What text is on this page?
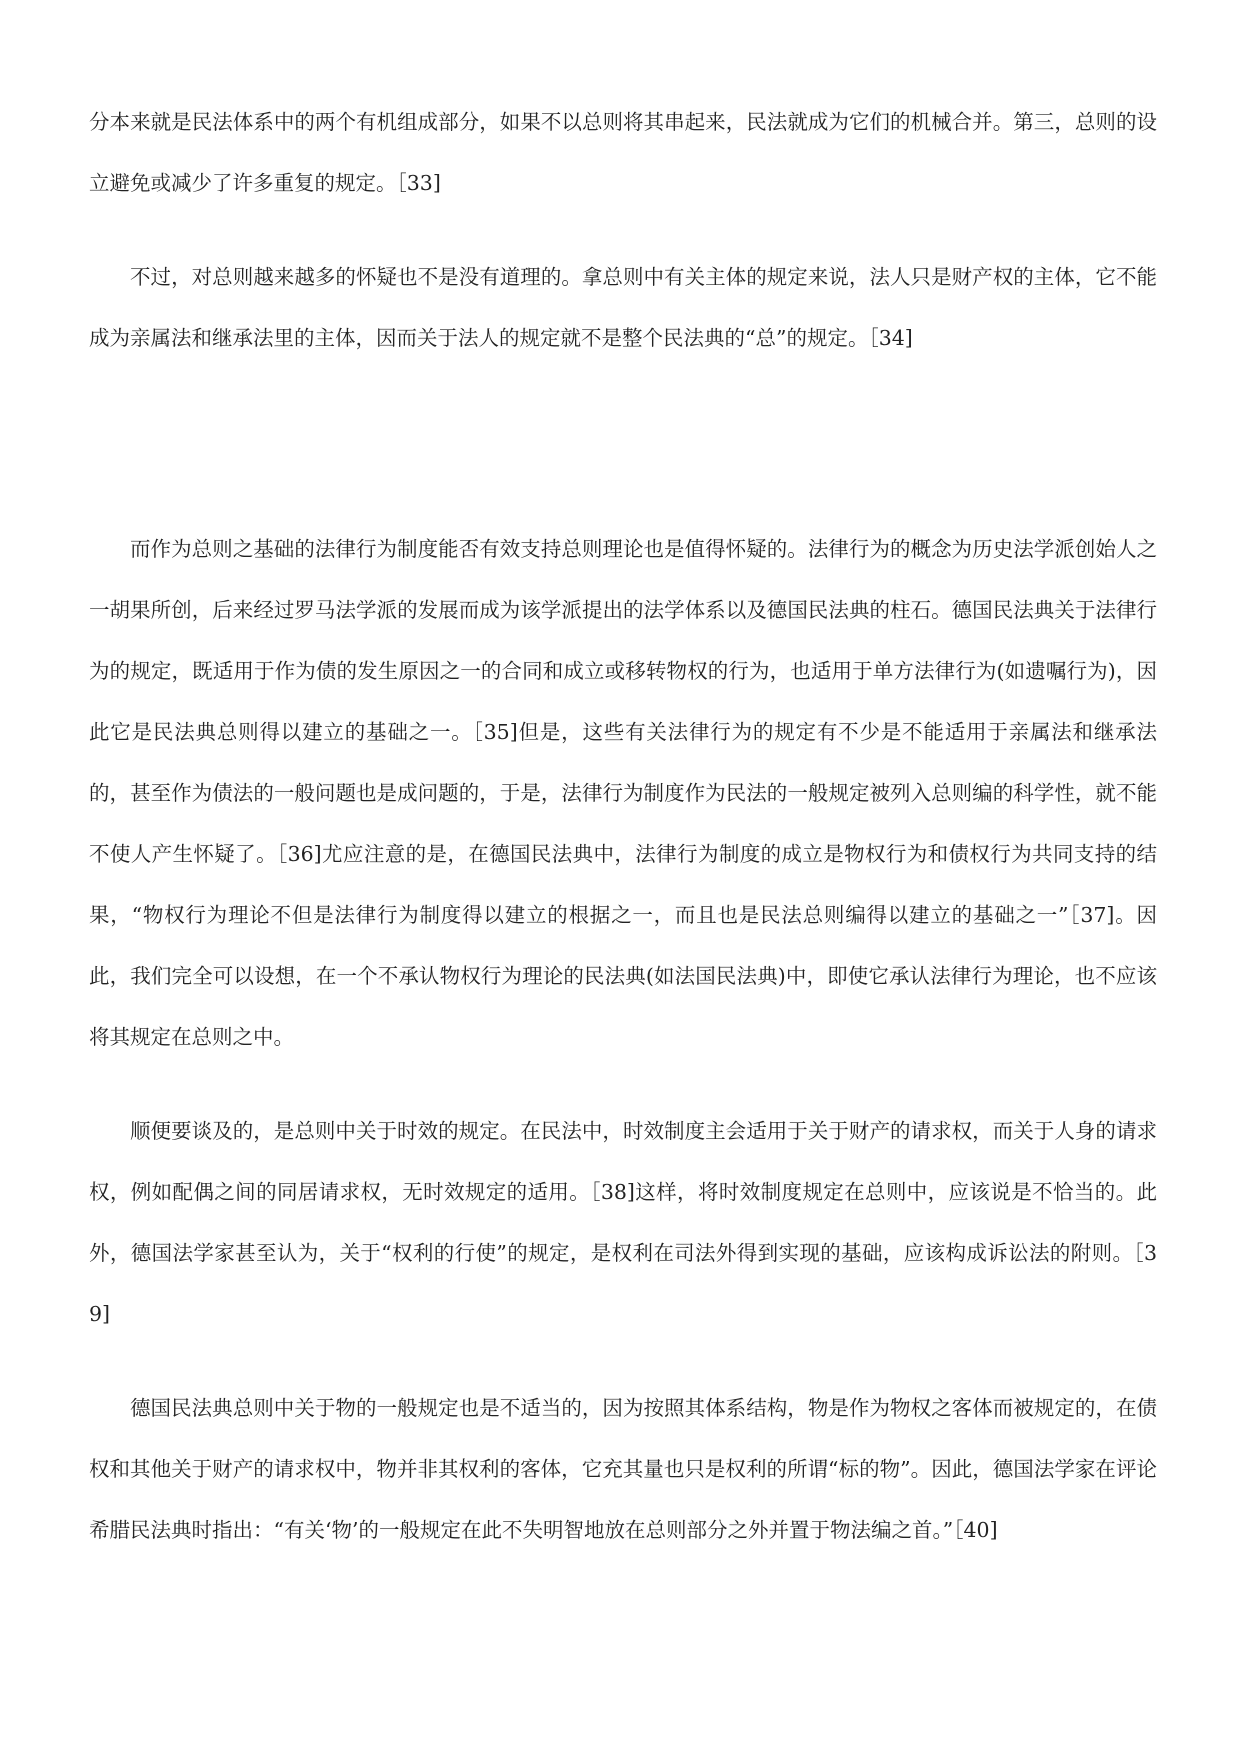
分本来就是民法体系中的两个有机组成部分，如果不以总则将其串起来，民法就成为它们的机械合并。第三，总则的设立避免或减少了许多重复的规定。［33]

不过，对总则越来越多的怀疑也不是没有道理的。拿总则中有关主体的规定来说，法人只是财产权的主体，它不能成为亲属法和继承法里的主体，因而关于法人的规定就不是整个民法典的“总”的规定。［34]

而作为总则之基础的法律行为制度能否有效支持总则理论也是值得怀疑的。法律行为的概念为历史法学派创始人之一胡果所创，后来经过罗马法学派的发展而成为该学派提出的法学体系以及德国民法典的柱石。德国民法典关于法律行为的规定，既适用于作为债的发生原因之一的合同和成立或移转物权的行为，也适用于单方法律行为(如遗嘱行为)，因此它是民法典总则得以建立的基础之一。［35]但是，这些有关法律行为的规定有不少是不能适用于亲属法和继承法的，甚至作为债法的一般问题也是成问题的，于是，法律行为制度作为民法的一般规定被列入总则编的科学性，就不能不使人产生怀疑了。［36]尤应注意的是，在德国民法典中，法律行为制度的成立是物权行为和债权行为共同支持的结果，“物权行为理论不但是法律行为制度得以建立的根据之一，而且也是民法总则编得以建立的基础之一”［37]。因此，我们完全可以设想，在一个不承认物权行为理论的民法典(如法国民法典)中，即使它承认法律行为理论，也不应该将其规定在总则之中。

顺便要谈及的，是总则中关于时效的规定。在民法中，时效制度主会适用于关于财产的请求权，而关于人身的请求权，例如配偶之间的同居请求权，无时效规定的适用。［38]这样，将时效制度规定在总则中，应该说是不恰当的。此外，德国法学家甚至认为，关于“权利的行使”的规定，是权利在司法外得到实现的基础，应该构成诉讼法的附则。［39]

德国民法典总则中关于物的一般规定也是不适当的，因为按照其体系结构，物是作为物权之客体而被规定的，在债权和其他关于财产的请求权中，物并非其权利的客体，它充其量也只是权利的所谓“标的物”。因此，德国法学家在评论希腊民法典时指出：“有关‘物’的一般规定在此不失明智地放在总则部分之外并置于物法编之首。”［40]
